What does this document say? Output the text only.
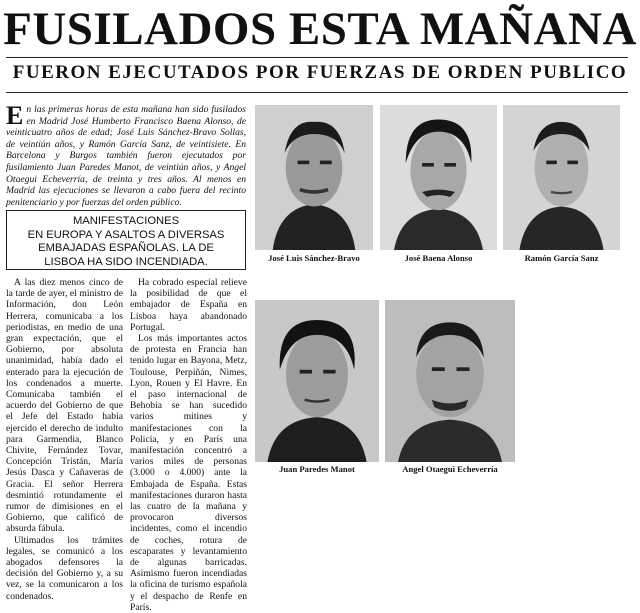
FUSILADOS ESTA MAÑANA
FUERON EJECUTADOS POR FUERZAS DE ORDEN PUBLICO

En las primeras horas de esta mañana han sido fusilados en Madrid José Humberto Francisco Baena Alonso, de veinticuatro años de edad; José Luis Sánchez-Bravo Sollas, de veintiún años, y Ramón García Sanz, de veintisiete. En Barcelona y Burgos también fueron ejecutados por fusilamiento Juan Paredes Manot, de veintiún años, y Angel Otaegui Echeverría, de treinta y tres años. Al menos en Madrid las ejecuciones se llevaron a cabo fuera del recinto penitenciario y por fuerzas del orden público.

MANIFESTACIONES
EN EUROPA Y ASALTOS A DIVERSAS
EMBAJADAS ESPAÑOLAS. LA DE
LISBOA HA SIDO INCENDIADA.

A las diez menos cinco de la tarde de ayer, el ministro de Información, don León Herrera, comunicaba a los periodistas, en medio de una gran expectación, que el Gobierno, por absoluta unanimidad, había dado el enterado para la ejecución de los condenados a muerte. Comunicaba también el acuerdo del Gobierno de que el Jefe del Estado había ejercido el derecho de indulto para Garmendia, Blanco Chivite, Fernández Tovar, Concepción Tristán, María Jesús Dasca y Cañaveras de Gracia. El señor Herrera desmintió rotundamente el rumor de dimisiones en el Gobierno, que calificó de absurda fábula.

Ultimados los trámites legales, se comunicó a los abogados defensores la decisión del Gobierno y, a su vez, se la comunicaron a los condenados.

Ha cobrado especial relieve la posibilidad de que el embajador de España en Lisboa haya abandonado Portugal.

Los más importantes actos de protesta en Francia han tenido lugar en Bayona, Metz, Toulouse, Perpiñán, Nimes, Lyon, Rouen y El Havre. En el paso internacional de Behobia se han sucedido varios mitines y manifestaciones con la Policía, y en París una manifestación concentró a varios miles de personas (3.000 o 4.000) ante la Embajada de España. Estas manifestaciones duraron hasta las cuatro de la mañana y provocaron diversos incidentes, como el incendio de coches, rotura de escaparates y levantamiento de algunas barricadas. Asimismo fueron incendiadas la oficina de turismo española y el despacho de Renfe en París.

José Luis Sánchez-Bravo	José Baena Alonso	Ramón García Sanz
Juan Paredes Manot	Angel Otaegui Echeverría
